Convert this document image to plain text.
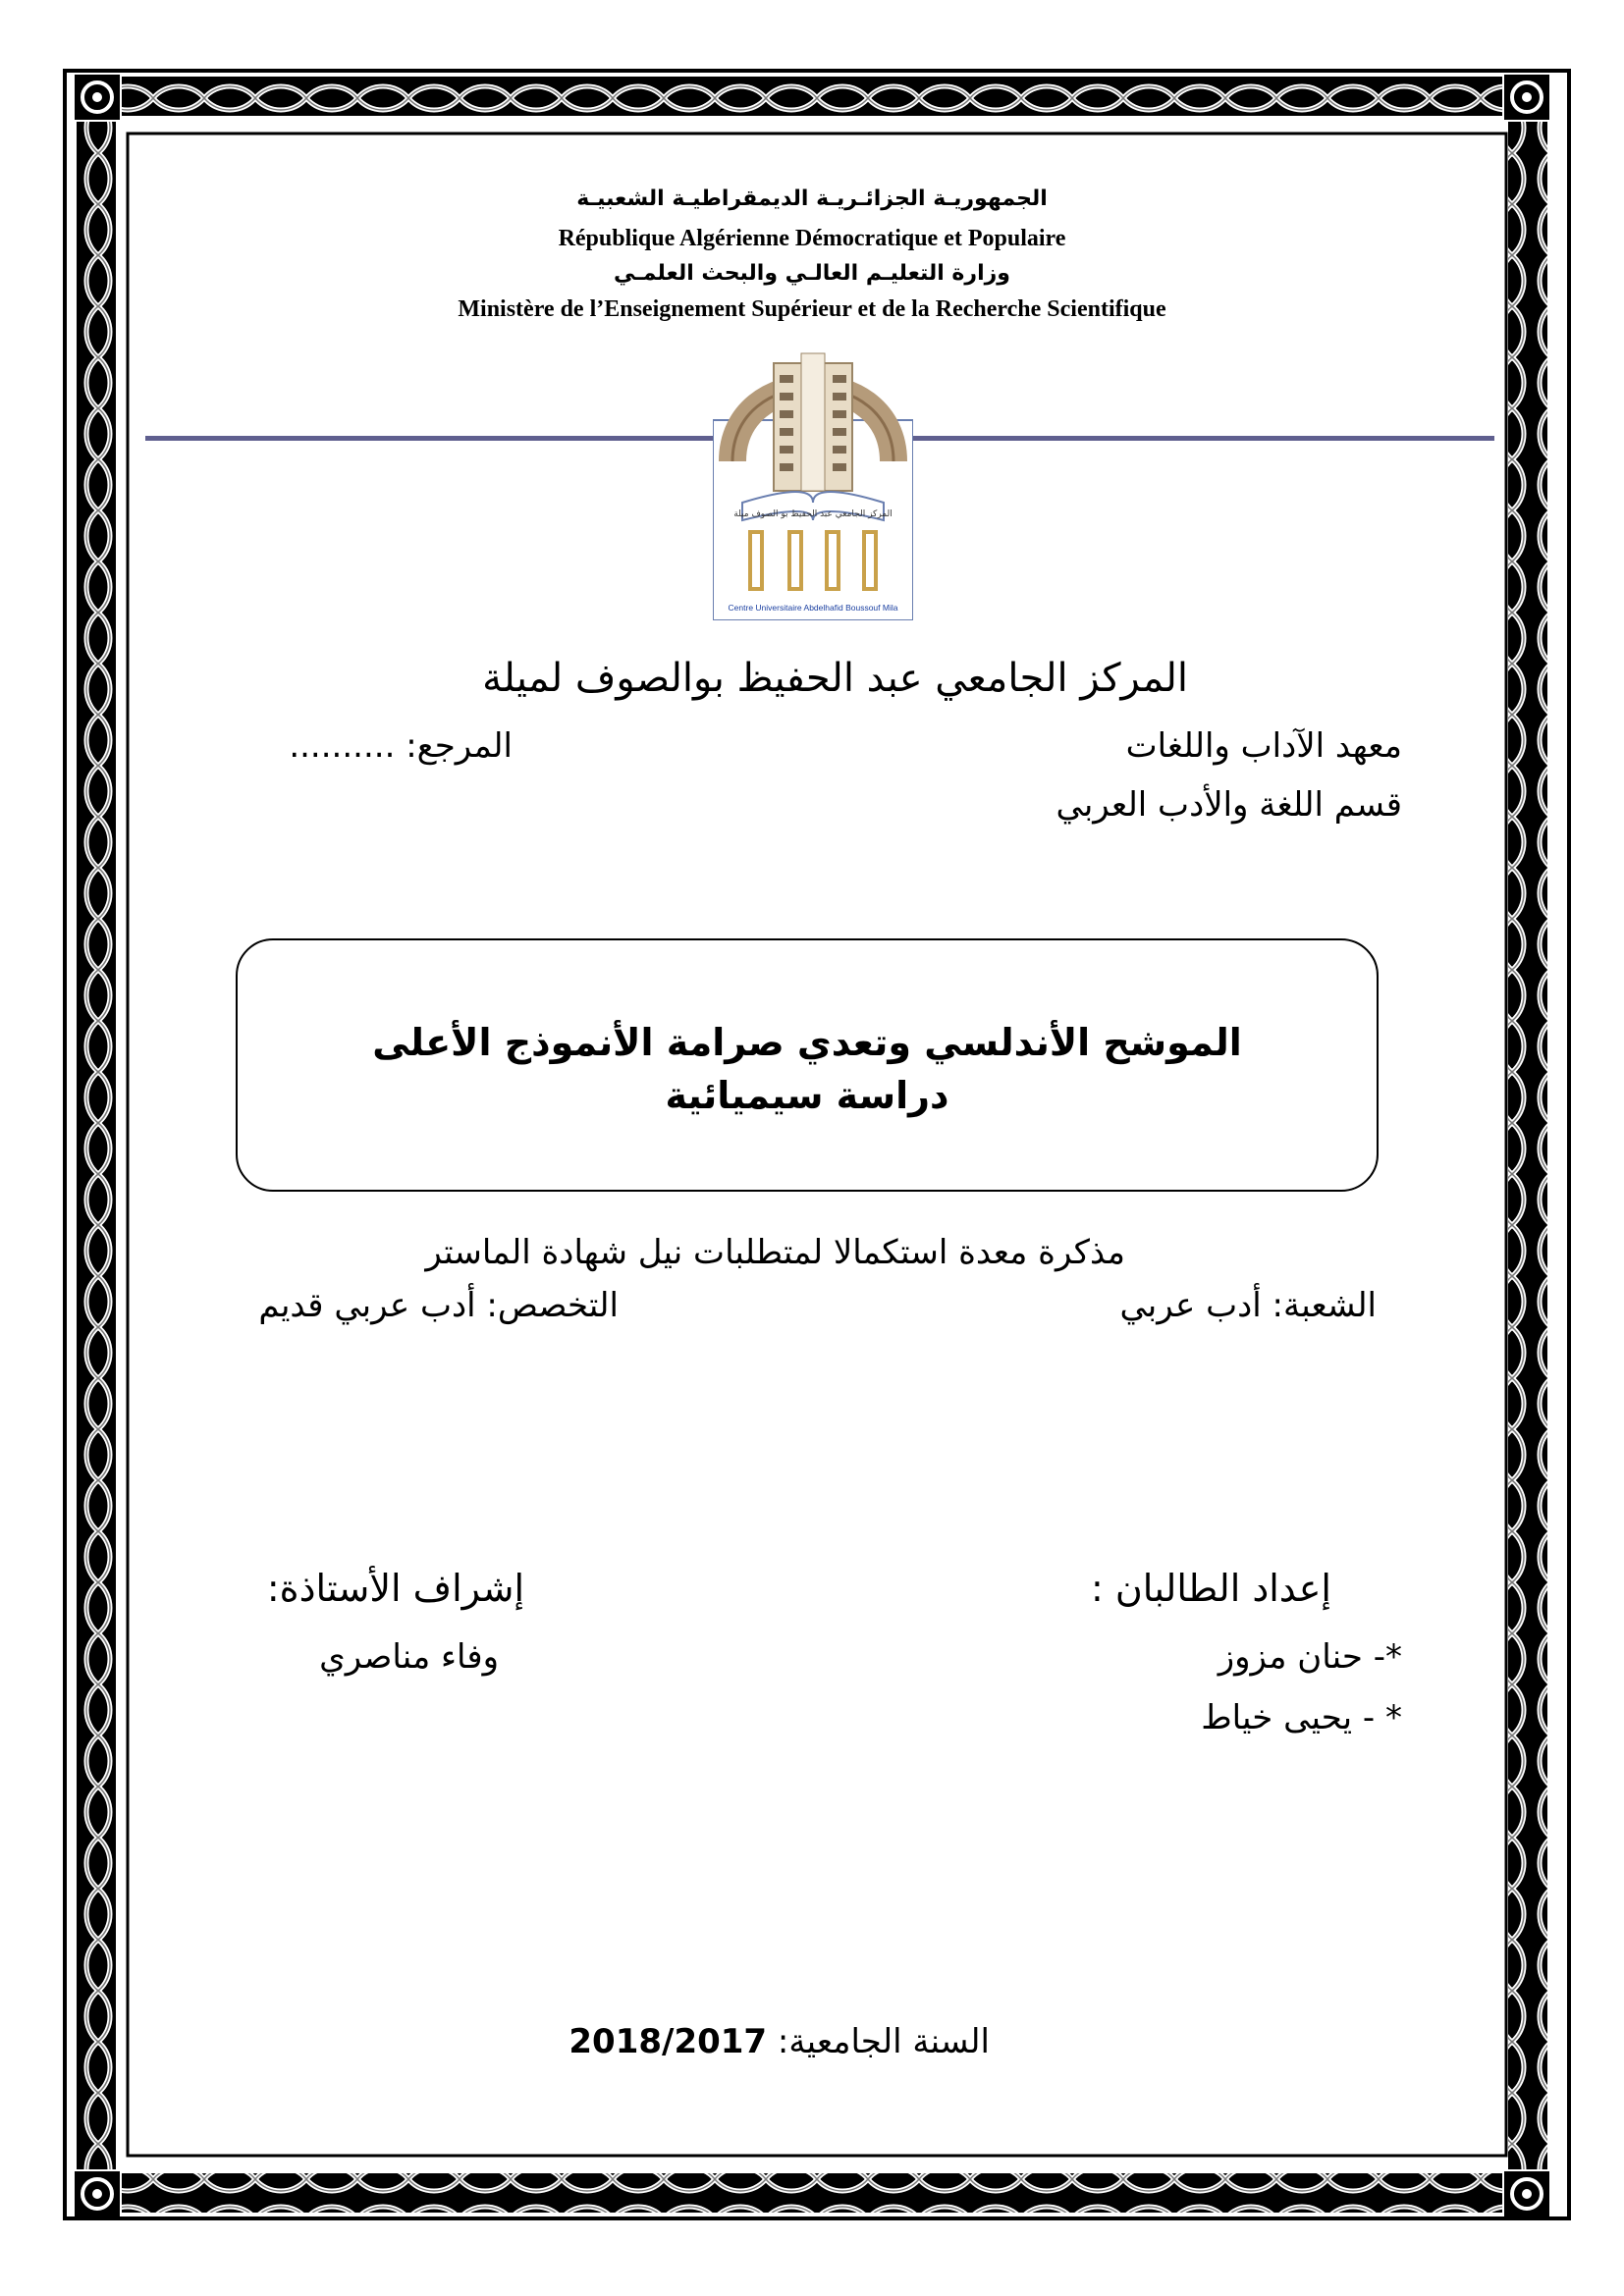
الجمهوريـة الجزائـريـة الديمقراطيـة الشعبيـة
République Algérienne Démocratique et Populaire
وزارة التعليـم العالـي والبحث العلمـي
Ministère de l’Enseignement Supérieur et de la Recherche Scientifique
المركز الجامعي عبد الحفيظ بو الصوف ميلة
Centre Universitaire Abdelhafid Boussouf Mila
المركز الجامعي عبد الحفيظ بوالصوف لميلة
معهد الآداب واللغات
المرجع: ..........
قسم اللغة والأدب العربي
الموشح الأندلسي وتعدي صرامة الأنموذج الأعلى
دراسة سيميائية
مذكرة معدة استكمالا لمتطلبات نيل شهادة الماستر
الشعبة: أدب عربي
التخصص: أدب عربي قديم
إعداد الطالبان :
إشراف الأستاذة:
*- حنان مزوز
وفاء مناصري
* - يحيى خياط
السنة الجامعية: 2018/2017
